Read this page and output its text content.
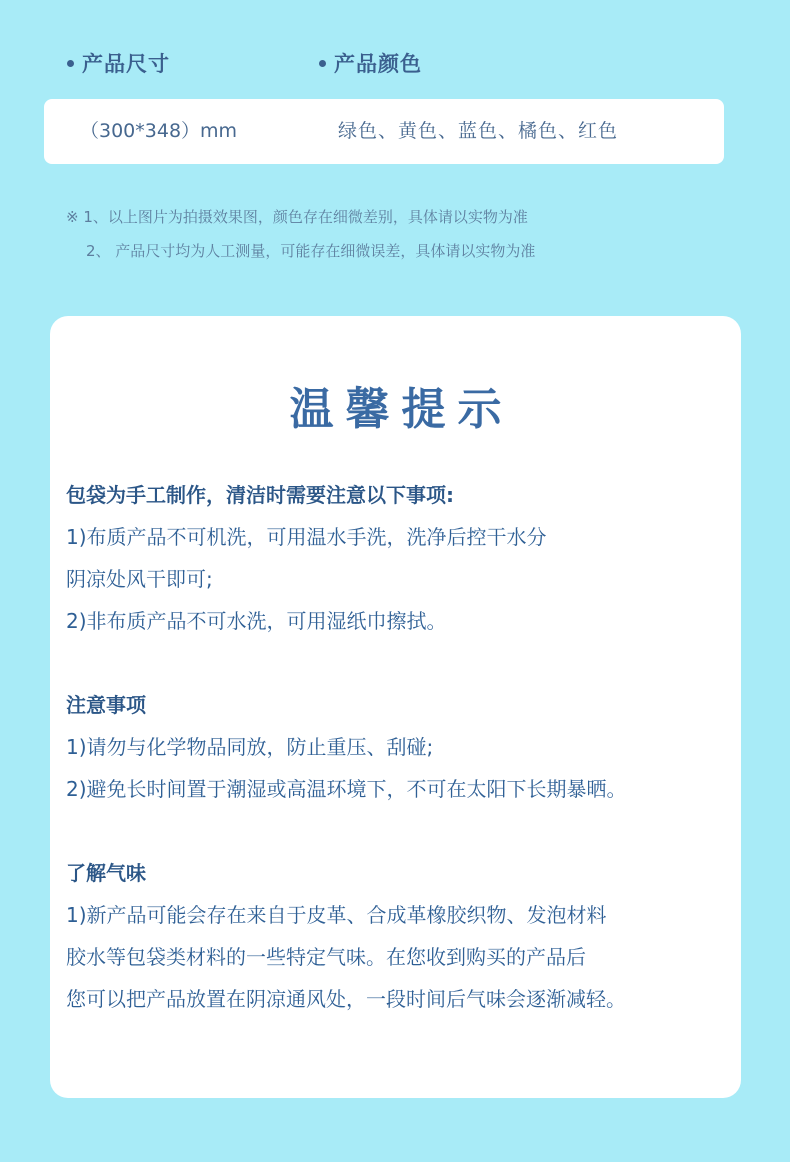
产品尺寸	产品颜色
（300*348）mm	绿色、黄色、蓝色、橘色、红色
※ 1、以上图片为拍摄效果图，颜色存在细微差别，具体请以实物为准
2、 产品尺寸均为人工测量，可能存在细微误差，具体请以实物为准
温馨提示
包袋为手工制作，清洁时需要注意以下事项:
1)布质产品不可机洗，可用温水手洗，洗净后控干水分
阴凉处风干即可;
2)非布质产品不可水洗，可用湿纸巾擦拭。
注意事项
1)请勿与化学物品同放，防止重压、刮碰;
2)避免长时间置于潮湿或高温环境下，不可在太阳下长期暴晒。
了解气味
1)新产品可能会存在来自于皮革、合成革橡胶织物、发泡材料
胶水等包袋类材料的一些特定气味。在您收到购买的产品后
您可以把产品放置在阴凉通风处，一段时间后气味会逐渐减轻。
